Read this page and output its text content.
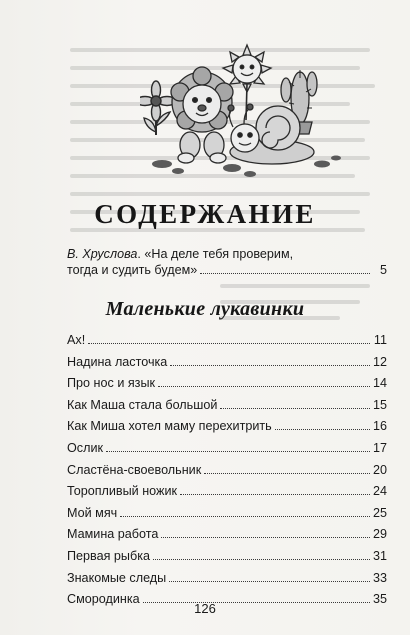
СОДЕРЖАНИЕ
В. Хруслова. «На деле тебя проверим,
тогда и судить будем»	5
Маленькие лукавинки
Ах!	11
Надина ласточка	12
Про нос и язык	14
Как Маша стала большой	15
Как Миша хотел маму перехитрить	16
Ослик	17
Сластёна-своевольник	20
Торопливый ножик	24
Мой мяч	25
Мамина работа	29
Первая рыбка	31
Знакомые следы	33
Смородинка	35
126
